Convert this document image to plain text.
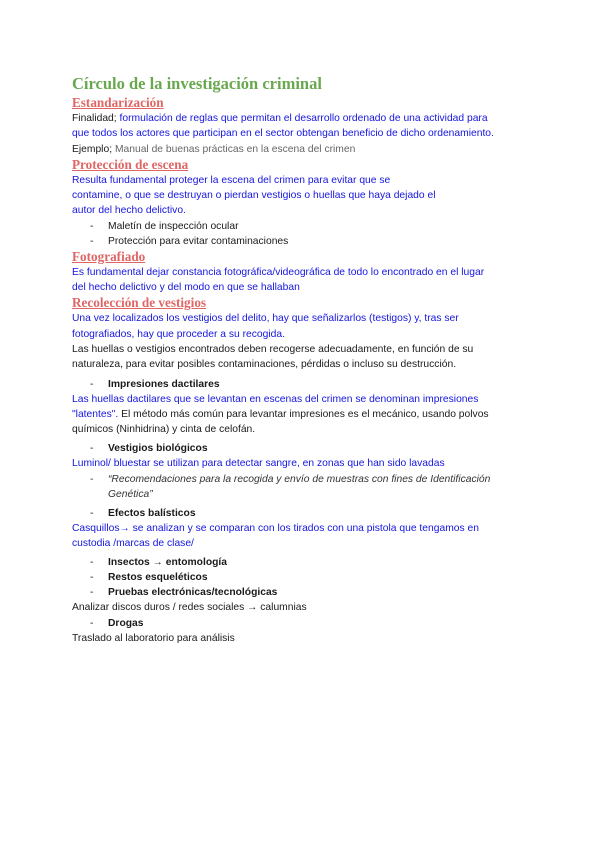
Círculo de la investigación criminal

Estandarización

Finalidad; formulación de reglas que permitan el desarrollo ordenado de una actividad para

que todos los actores que participan en el sector obtengan beneficio de dicho ordenamiento.

Ejemplo; Manual de buenas prácticas en la escena del crimen

Protección de escena

Resulta fundamental proteger la escena del crimen para evitar que se

contamine, o que se destruyan o pierdan vestigios o huellas que haya dejado el

autor del hecho delictivo.

- Maletín de inspección ocular

- Protección para evitar contaminaciones

Fotografiado

Es fundamental dejar constancia fotográfica/videográfica de todo lo encontrado en el lugar

del hecho delictivo y del modo en que se hallaban

Recolección de vestigios

Una vez localizados los vestigios del delito, hay que señalizarlos (testigos) y, tras ser

fotografiados, hay que proceder a su recogida.

Las huellas o vestigios encontrados deben recogerse adecuadamente, en función de su

naturaleza, para evitar posibles contaminaciones, pérdidas o incluso su destrucción.

- Impresiones dactilares

Las huellas dactilares que se levantan en escenas del crimen se denominan impresiones

"latentes". El método más común para levantar impresiones es el mecánico, usando polvos

químicos (Ninhidrina) y cinta de celofán.

- Vestigios biológicos

Luminol/ bluestar se utilizan para detectar sangre, en zonas que han sido lavadas

- “Recomendaciones para la recogida y envío de muestras con fines de Identificación

Genética”

- Efectos balísticos

Casquillos→ se analizan y se comparan con los tirados con una pistola que tengamos en

custodia /marcas de clase/

- Insectos → entomología

- Restos esqueléticos

- Pruebas electrónicas/tecnológicas

Analizar discos duros / redes sociales → calumnias

- Drogas

Traslado al laboratorio para análisis
